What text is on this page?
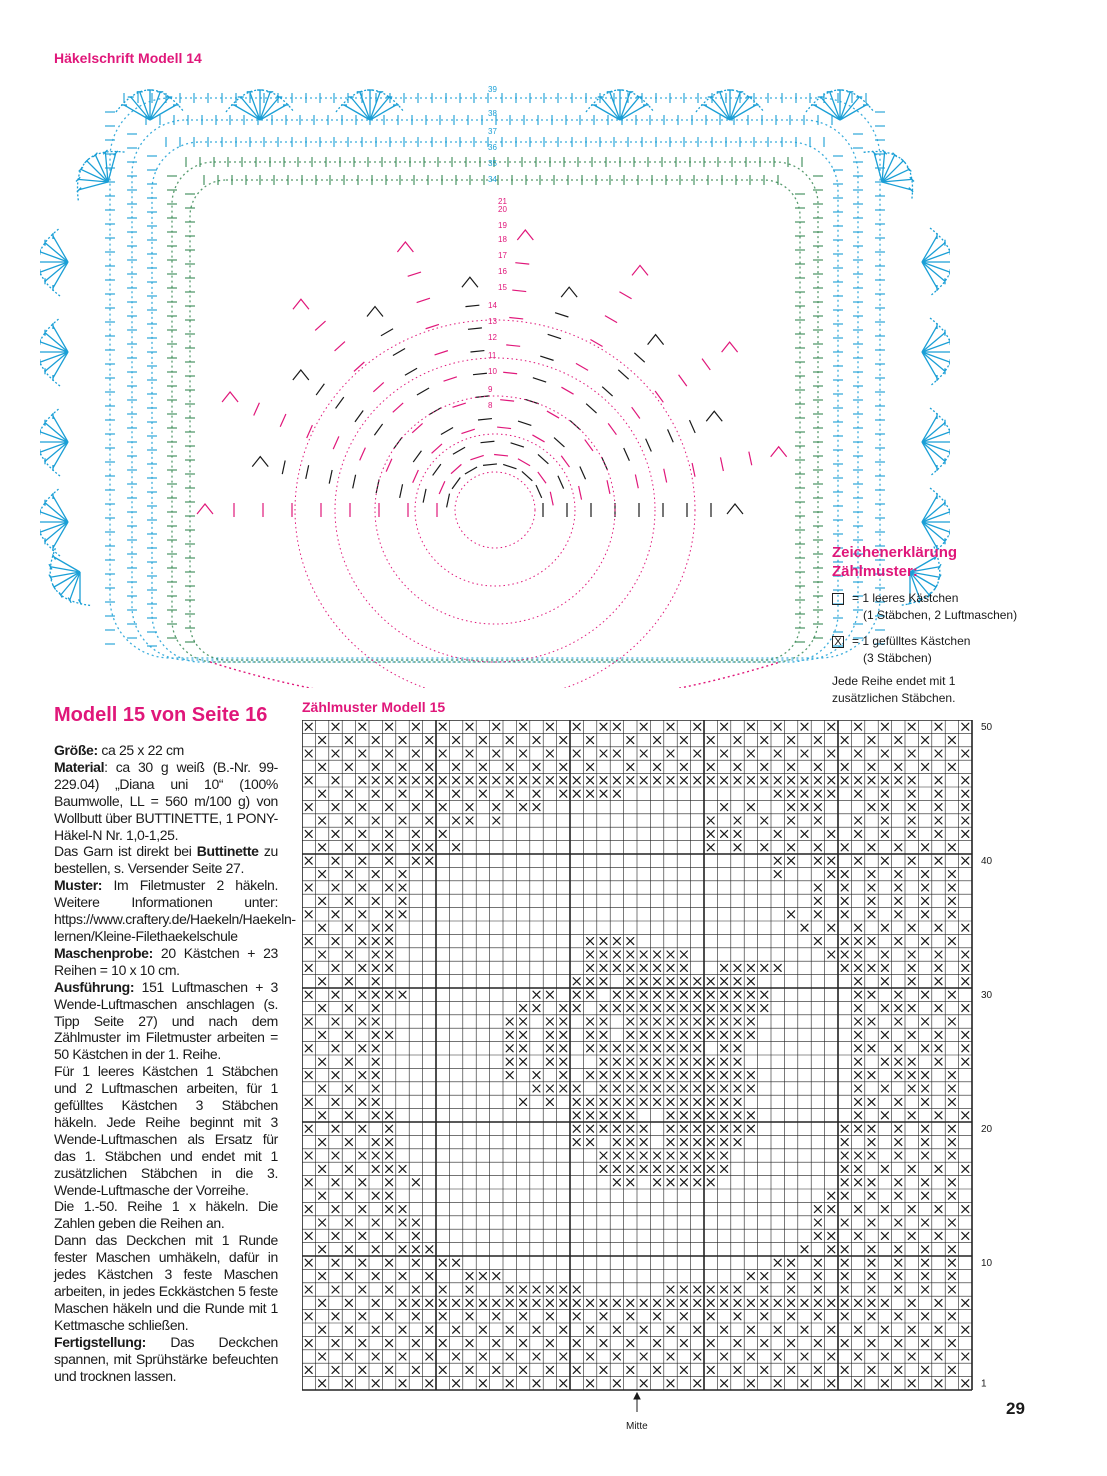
Häkelschrift Modell 14
39
38
37
36
35
34
21
20
19
18
17
16
15
14
13
12
11
10
9
8
Zeichenerklärung
Zählmuster:
= 1 leeres Kästchen
(1 Stäbchen, 2 Luftmaschen)
X = 1 gefülltes Kästchen
(3 Stäbchen)
Jede Reihe endet mit 1
zusätzlichen Stäbchen.
Modell 15 von Seite 16

Größe: ca 25 x 22 cm

Material: ca 30 g weiß (B.-Nr. 99-229.04) „Diana uni 10“ (100% Baumwolle, LL = 560 m/100 g) von Wollbutt über BUTTINETTE, 1 PONY-Häkel-N Nr. 1,0-1,25.

Das Garn ist direkt bei Buttinette zu bestellen, s. Versender Seite 27.

Muster: Im Filetmuster 2 häkeln. Weitere Informationen unter: https://www.craftery.de/Haekeln/Haekeln-lernen/Kleine-Filethaekelschule

Maschenprobe: 20 Kästchen + 23 Reihen = 10 x 10 cm.

Ausführung: 151 Luftmaschen + 3 Wende-Luftmaschen anschlagen (s. Tipp Seite 27) und nach dem Zählmuster im Filetmuster arbeiten = 50 Kästchen in der 1. Reihe.

Für 1 leeres Kästchen 1 Stäbchen und 2 Luftmaschen arbeiten, für 1 gefülltes Kästchen 3 Stäbchen häkeln. Jede Reihe beginnt mit 3 Wende-Luftmaschen als Ersatz für das 1. Stäbchen und endet mit 1 zusätzlichen Stäbchen in die 3. Wende-Luftmasche der Vorreihe.

Die 1.-50. Reihe 1 x häkeln. Die Zahlen geben die Reihen an.

Dann das Deckchen mit 1 Runde fester Maschen umhäkeln, dafür in jedes Kästchen 3 feste Maschen arbeiten, in jedes Eckkästchen 5 feste Maschen häkeln und die Runde mit 1 Kettmasche schließen.

Fertigstellung: Das Deckchen spannen, mit Sprühstärke befeuchten und trocknen lassen.

Zählmuster Modell 15
50
40
30
20
10
1
Mitte
29
